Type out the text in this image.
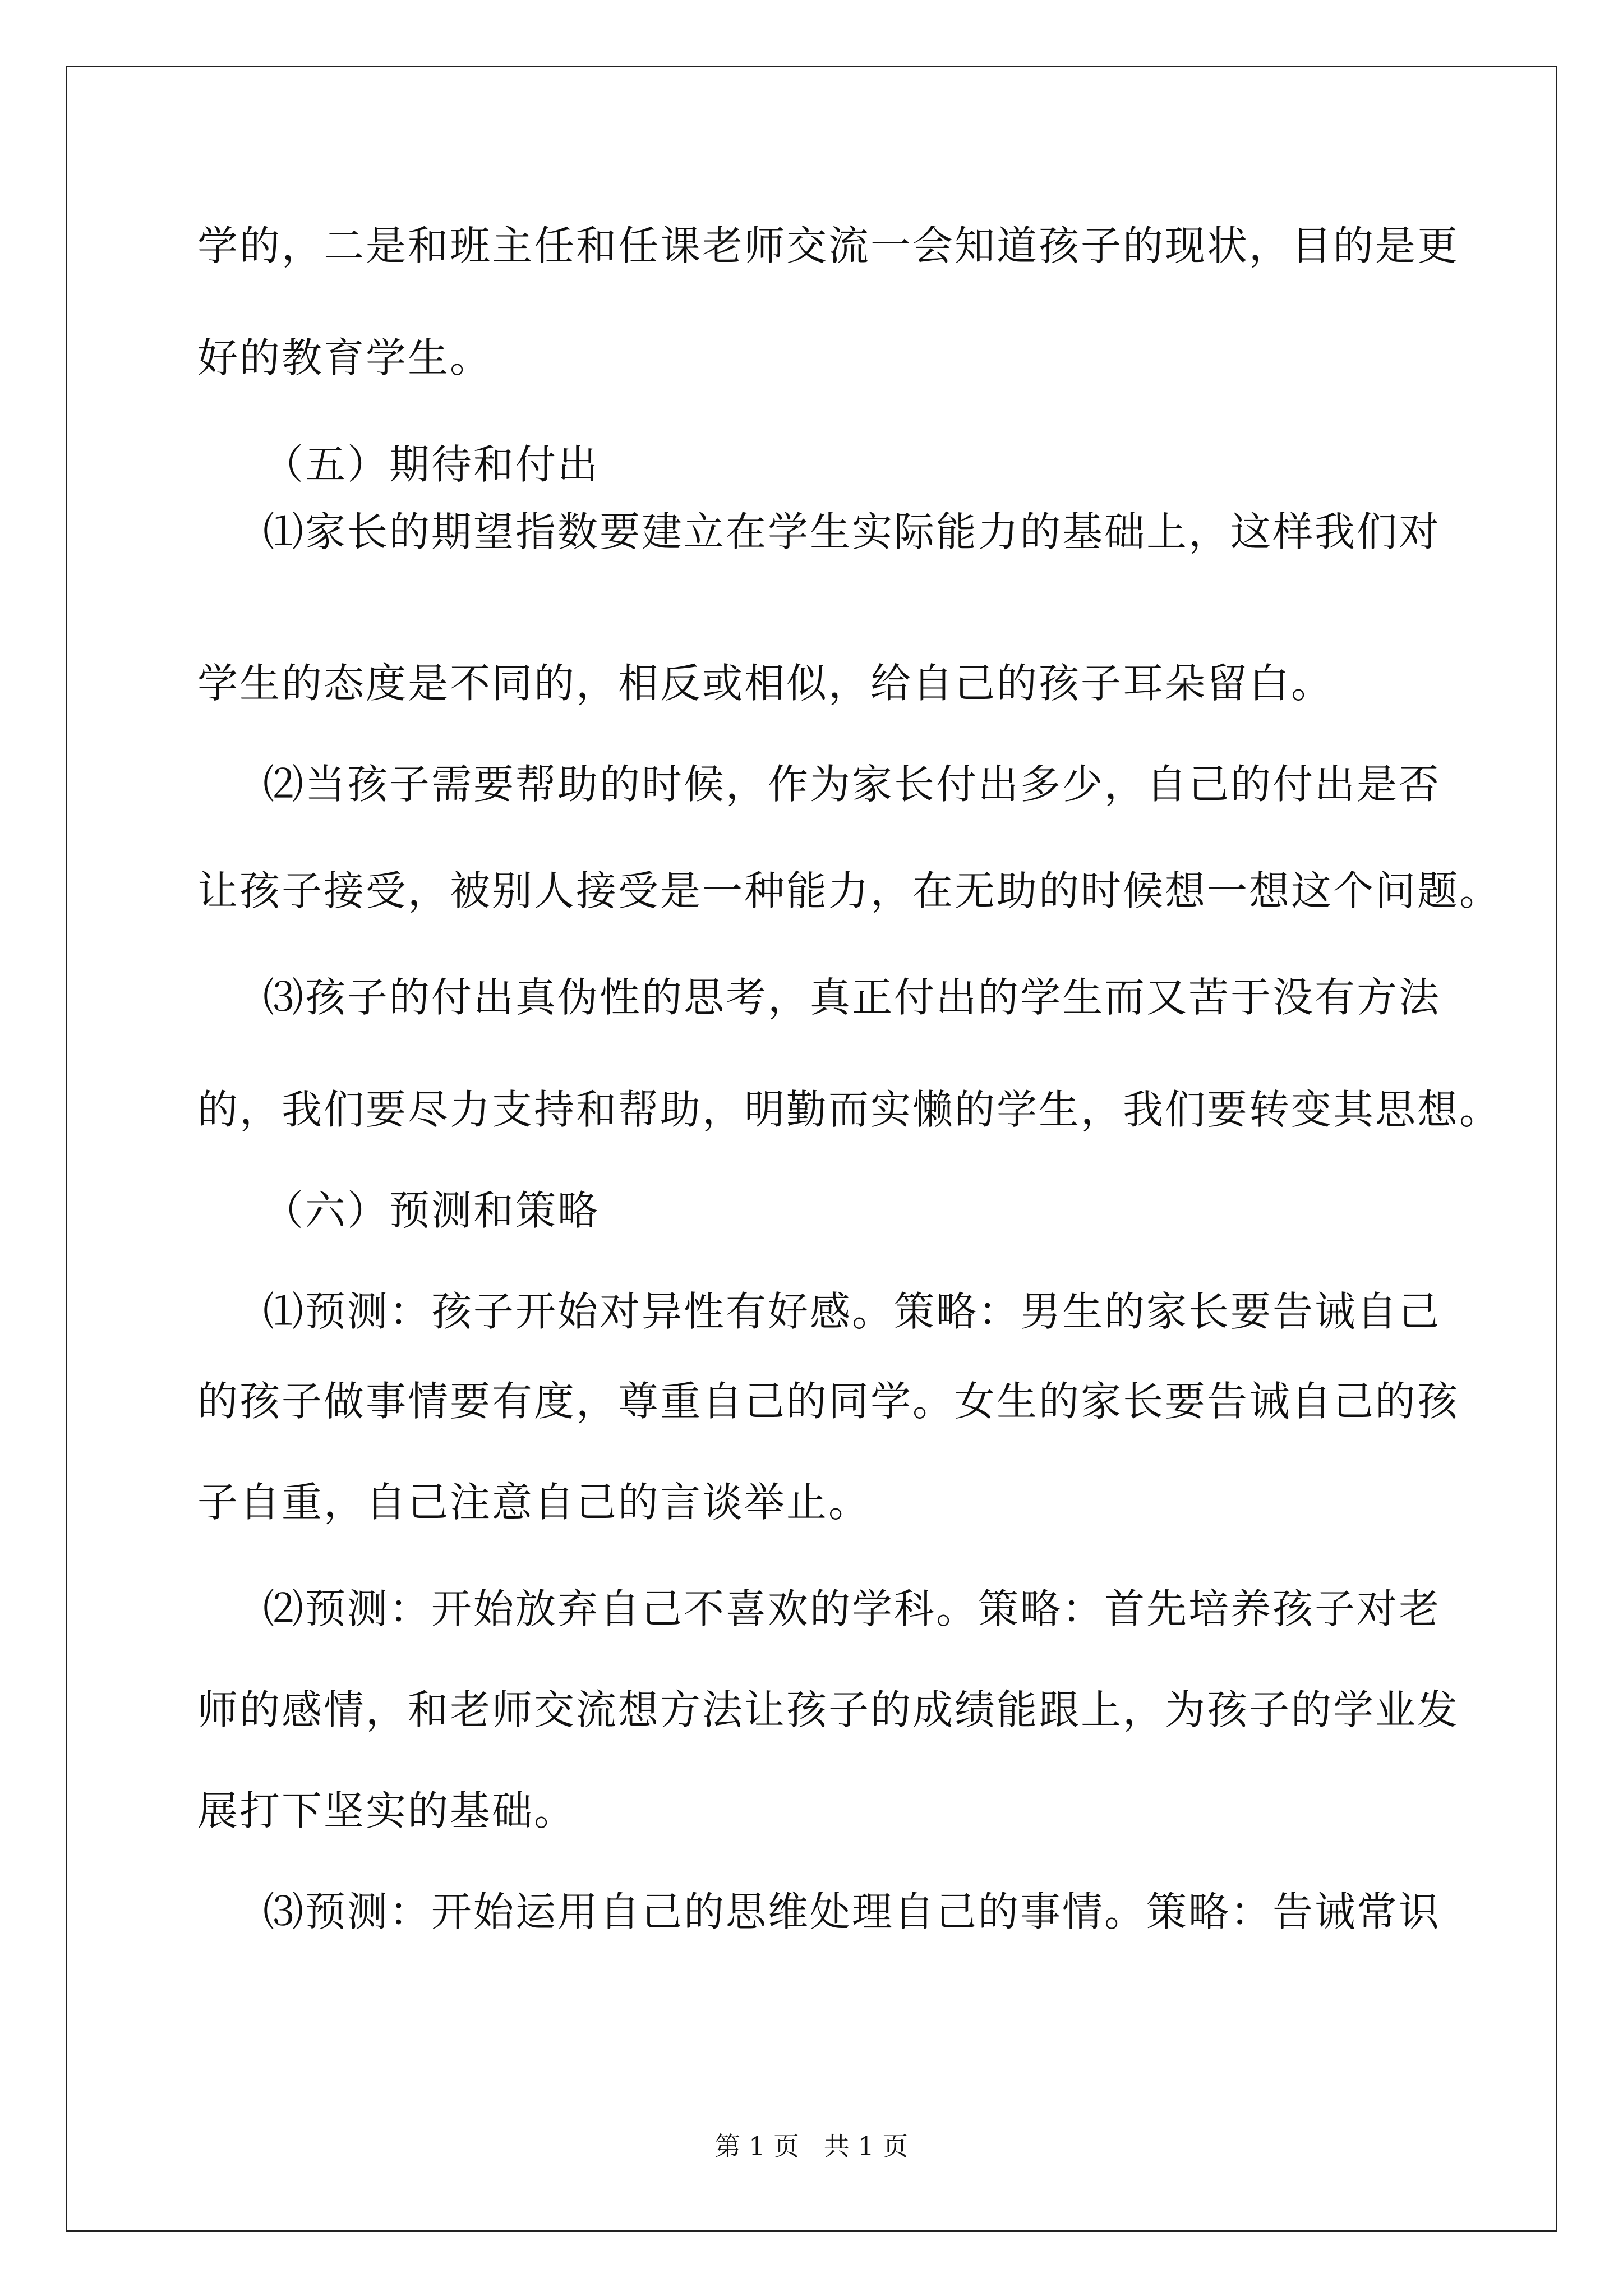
学的，二是和班主任和任课老师交流一会知道孩子的现状，目的是更
好的教育学生。
（五）期待和付出
⑴家长的期望指数要建立在学生实际能力的基础上，这样我们对
学生的态度是不同的，相反或相似，给自己的孩子耳朵留白。
⑵当孩子需要帮助的时候，作为家长付出多少，自己的付出是否
让孩子接受，被别人接受是一种能力，在无助的时候想一想这个问题。
⑶孩子的付出真伪性的思考，真正付出的学生而又苦于没有方法
的，我们要尽力支持和帮助，明勤而实懒的学生，我们要转变其思想。
（六）预测和策略
⑴预测：孩子开始对异性有好感。策略：男生的家长要告诫自己
的孩子做事情要有度，尊重自己的同学。女生的家长要告诫自己的孩
子自重，自己注意自己的言谈举止。
⑵预测：开始放弃自己不喜欢的学科。策略：首先培养孩子对老
师的感情，和老师交流想方法让孩子的成绩能跟上，为孩子的学业发
展打下坚实的基础。
⑶预测：开始运用自己的思维处理自己的事情。策略：告诫常识
第 1 页   共 1 页
